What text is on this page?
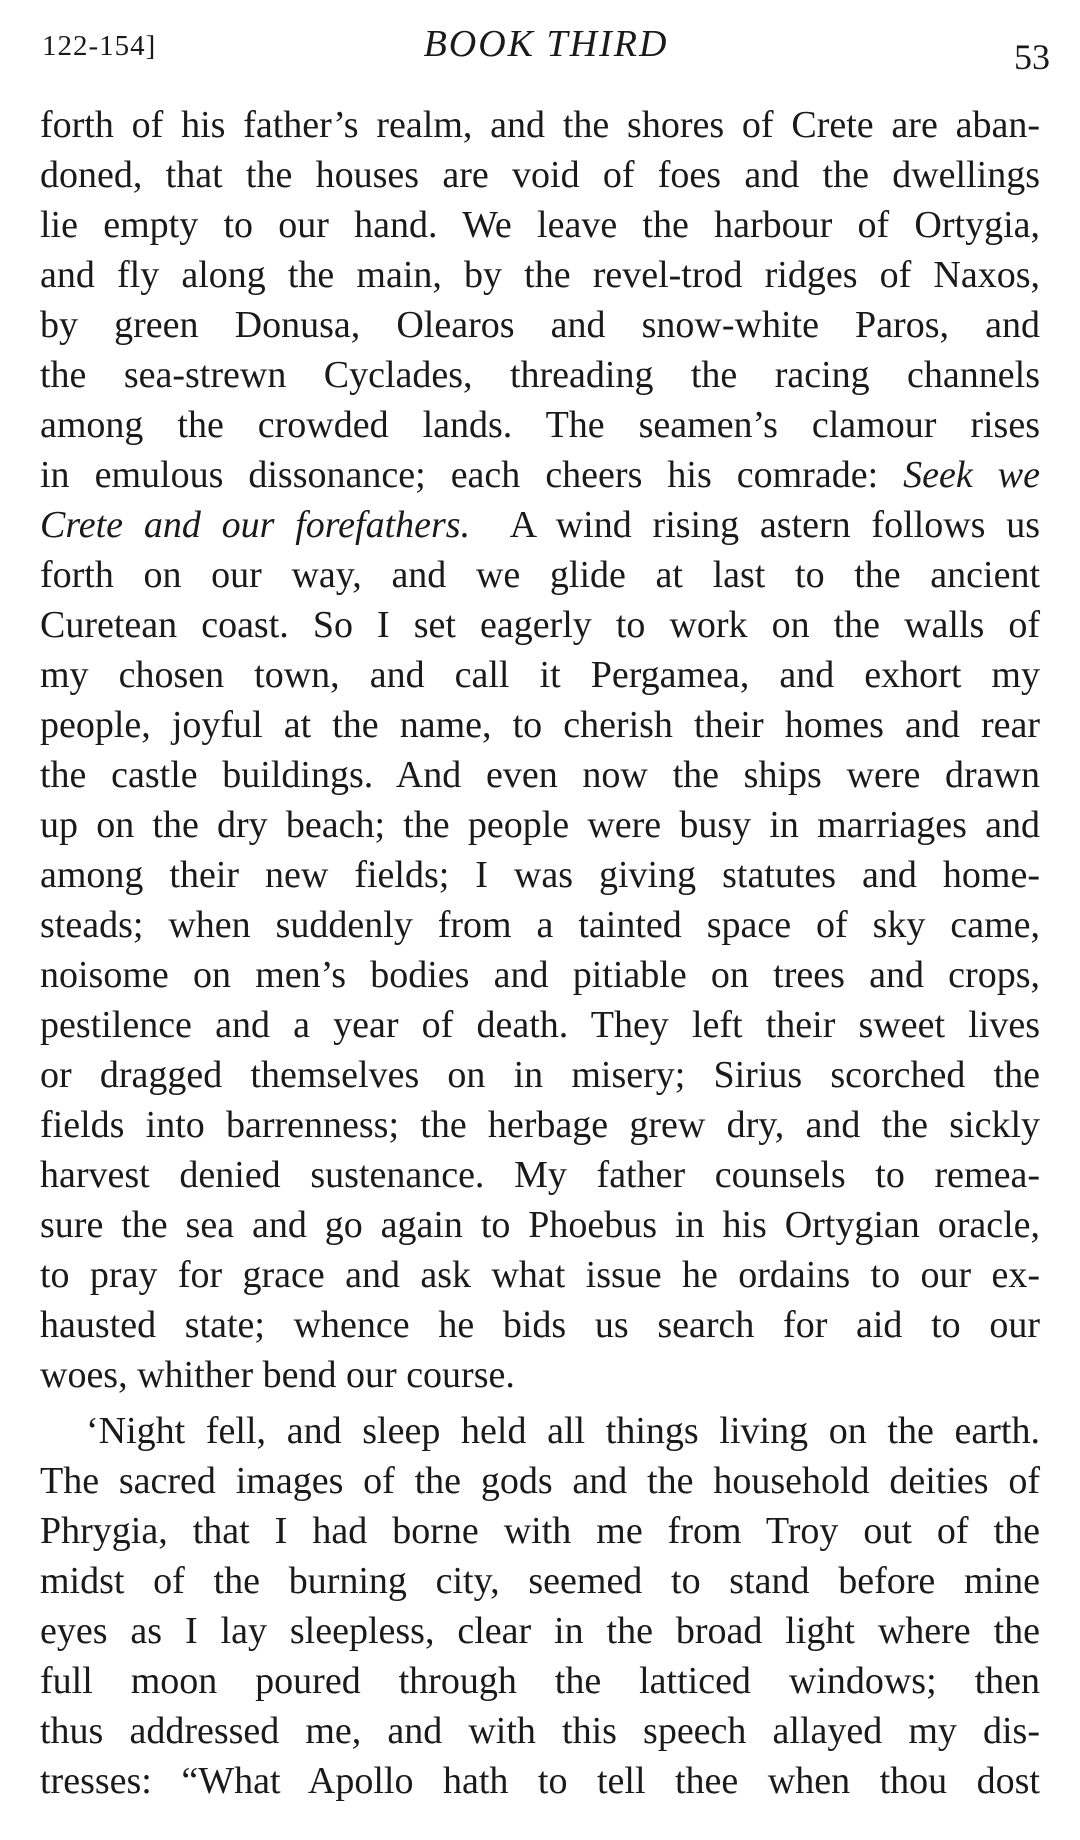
122-154]	BOOK THIRD	53
forth of his father’s realm, and the shores of Crete are aban-
doned, that the houses are void of foes and the dwellings
lie empty to our hand. We leave the harbour of Ortygia,
and fly along the main, by the revel-trod ridges of Naxos,
by green Donusa, Olearos and snow-white Paros, and
the sea-strewn Cyclades, threading the racing channels
among the crowded lands. The seamen’s clamour rises
in emulous dissonance; each cheers his comrade: Seek we
Crete and our forefathers. A wind rising astern follows us
forth on our way, and we glide at last to the ancient
Curetean coast. So I set eagerly to work on the walls of
my chosen town, and call it Pergamea, and exhort my
people, joyful at the name, to cherish their homes and rear
the castle buildings. And even now the ships were drawn
up on the dry beach; the people were busy in marriages and
among their new fields; I was giving statutes and home-
steads; when suddenly from a tainted space of sky came,
noisome on men’s bodies and pitiable on trees and crops,
pestilence and a year of death. They left their sweet lives
or dragged themselves on in misery; Sirius scorched the
fields into barrenness; the herbage grew dry, and the sickly
harvest denied sustenance. My father counsels to remea-
sure the sea and go again to Phoebus in his Ortygian oracle,
to pray for grace and ask what issue he ordains to our ex-
hausted state; whence he bids us search for aid to our
woes, whither bend our course.
‘Night fell, and sleep held all things living on the earth.
The sacred images of the gods and the household deities of
Phrygia, that I had borne with me from Troy out of the
midst of the burning city, seemed to stand before mine
eyes as I lay sleepless, clear in the broad light where the
full moon poured through the latticed windows; then
thus addressed me, and with this speech allayed my dis-
tresses: “What Apollo hath to tell thee when thou dost
